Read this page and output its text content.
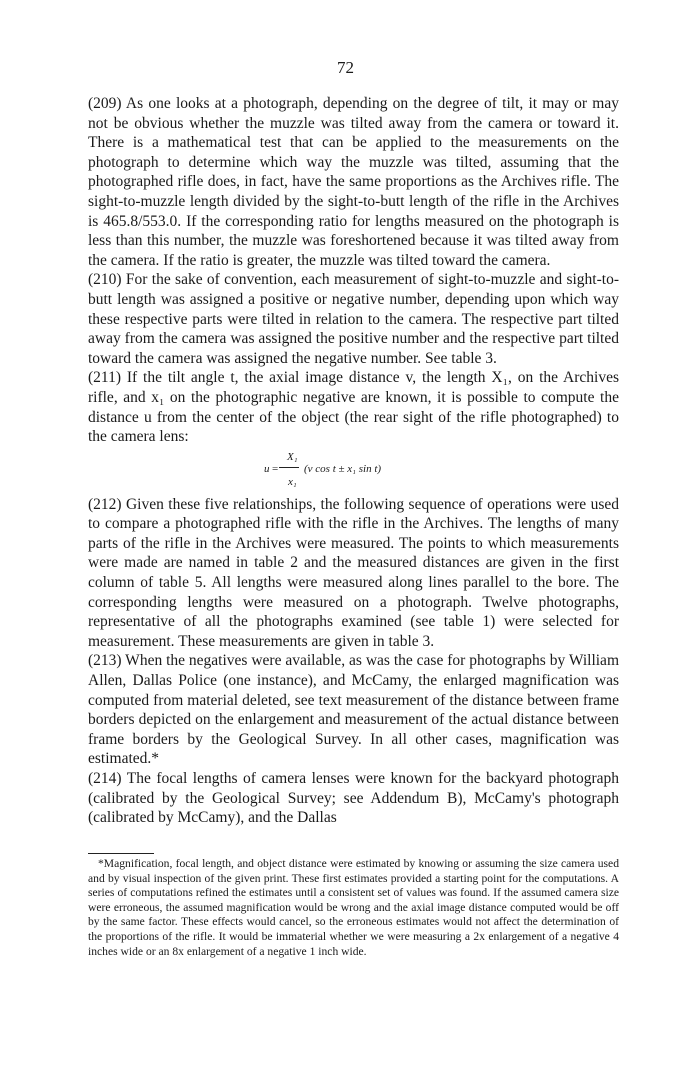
72

(209) As one looks at a photograph, depending on the degree of tilt, it may or may not be obvious whether the muzzle was tilted away from the camera or toward it. There is a mathematical test that can be applied to the measurements on the photograph to determine which way the muzzle was tilted, assuming that the photographed rifle does, in fact, have the same proportions as the Archives rifle. The sight-to-muzzle length divided by the sight-to-butt length of the rifle in the Archives is 465.8/553.0. If the corresponding ratio for lengths measured on the photograph is less than this number, the muzzle was foreshortened because it was tilted away from the camera. If the ratio is greater, the muzzle was tilted toward the camera.

(210) For the sake of convention, each measurement of sight-to-muzzle and sight-to-butt length was assigned a positive or negative number, depending upon which way these respective parts were tilted in relation to the camera. The respective part tilted away from the camera was assigned the positive number and the respective part tilted toward the camera was assigned the negative number. See table 3.

(211) If the tilt angle t, the axial image distance v, the length X₁, on the Archives rifle, and x₁ on the photographic negative are known, it is possible to compute the distance u from the center of the object (the rear sight of the rifle photographed) to the camera lens:

X₁
u = (v cos t ± x₁ sin t)
x₁

(212) Given these five relationships, the following sequence of operations were used to compare a photographed rifle with the rifle in the Archives. The lengths of many parts of the rifle in the Archives were measured. The points to which measurements were made are named in table 2 and the measured distances are given in the first column of table 5. All lengths were measured along lines parallel to the bore. The corresponding lengths were measured on a photograph. Twelve photographs, representative of all the photographs examined (see table 1) were selected for measurement. These measurements are given in table 3.

(213) When the negatives were available, as was the case for photographs by William Allen, Dallas Police (one instance), and McCamy, the enlarged magnification was computed from material deleted, see text measurement of the distance between frame borders depicted on the enlargement and measurement of the actual distance between frame borders by the Geological Survey. In all other cases, magnification was estimated.*

(214) The focal lengths of camera lenses were known for the backyard photograph (calibrated by the Geological Survey; see Addendum B), McCamy's photograph (calibrated by McCamy), and the Dallas

*Magnification, focal length, and object distance were estimated by knowing or assuming the size camera used and by visual inspection of the given print. These first estimates provided a starting point for the computations. A series of computations refined the estimates until a consistent set of values was found. If the assumed camera size were erroneous, the assumed magnification would be wrong and the axial image distance computed would be off by the same factor. These effects would cancel, so the erroneous estimates would not affect the determination of the proportions of the rifle. It would be immaterial whether we were measuring a 2x enlargement of a negative 4 inches wide or an 8x enlargement of a negative 1 inch wide.
